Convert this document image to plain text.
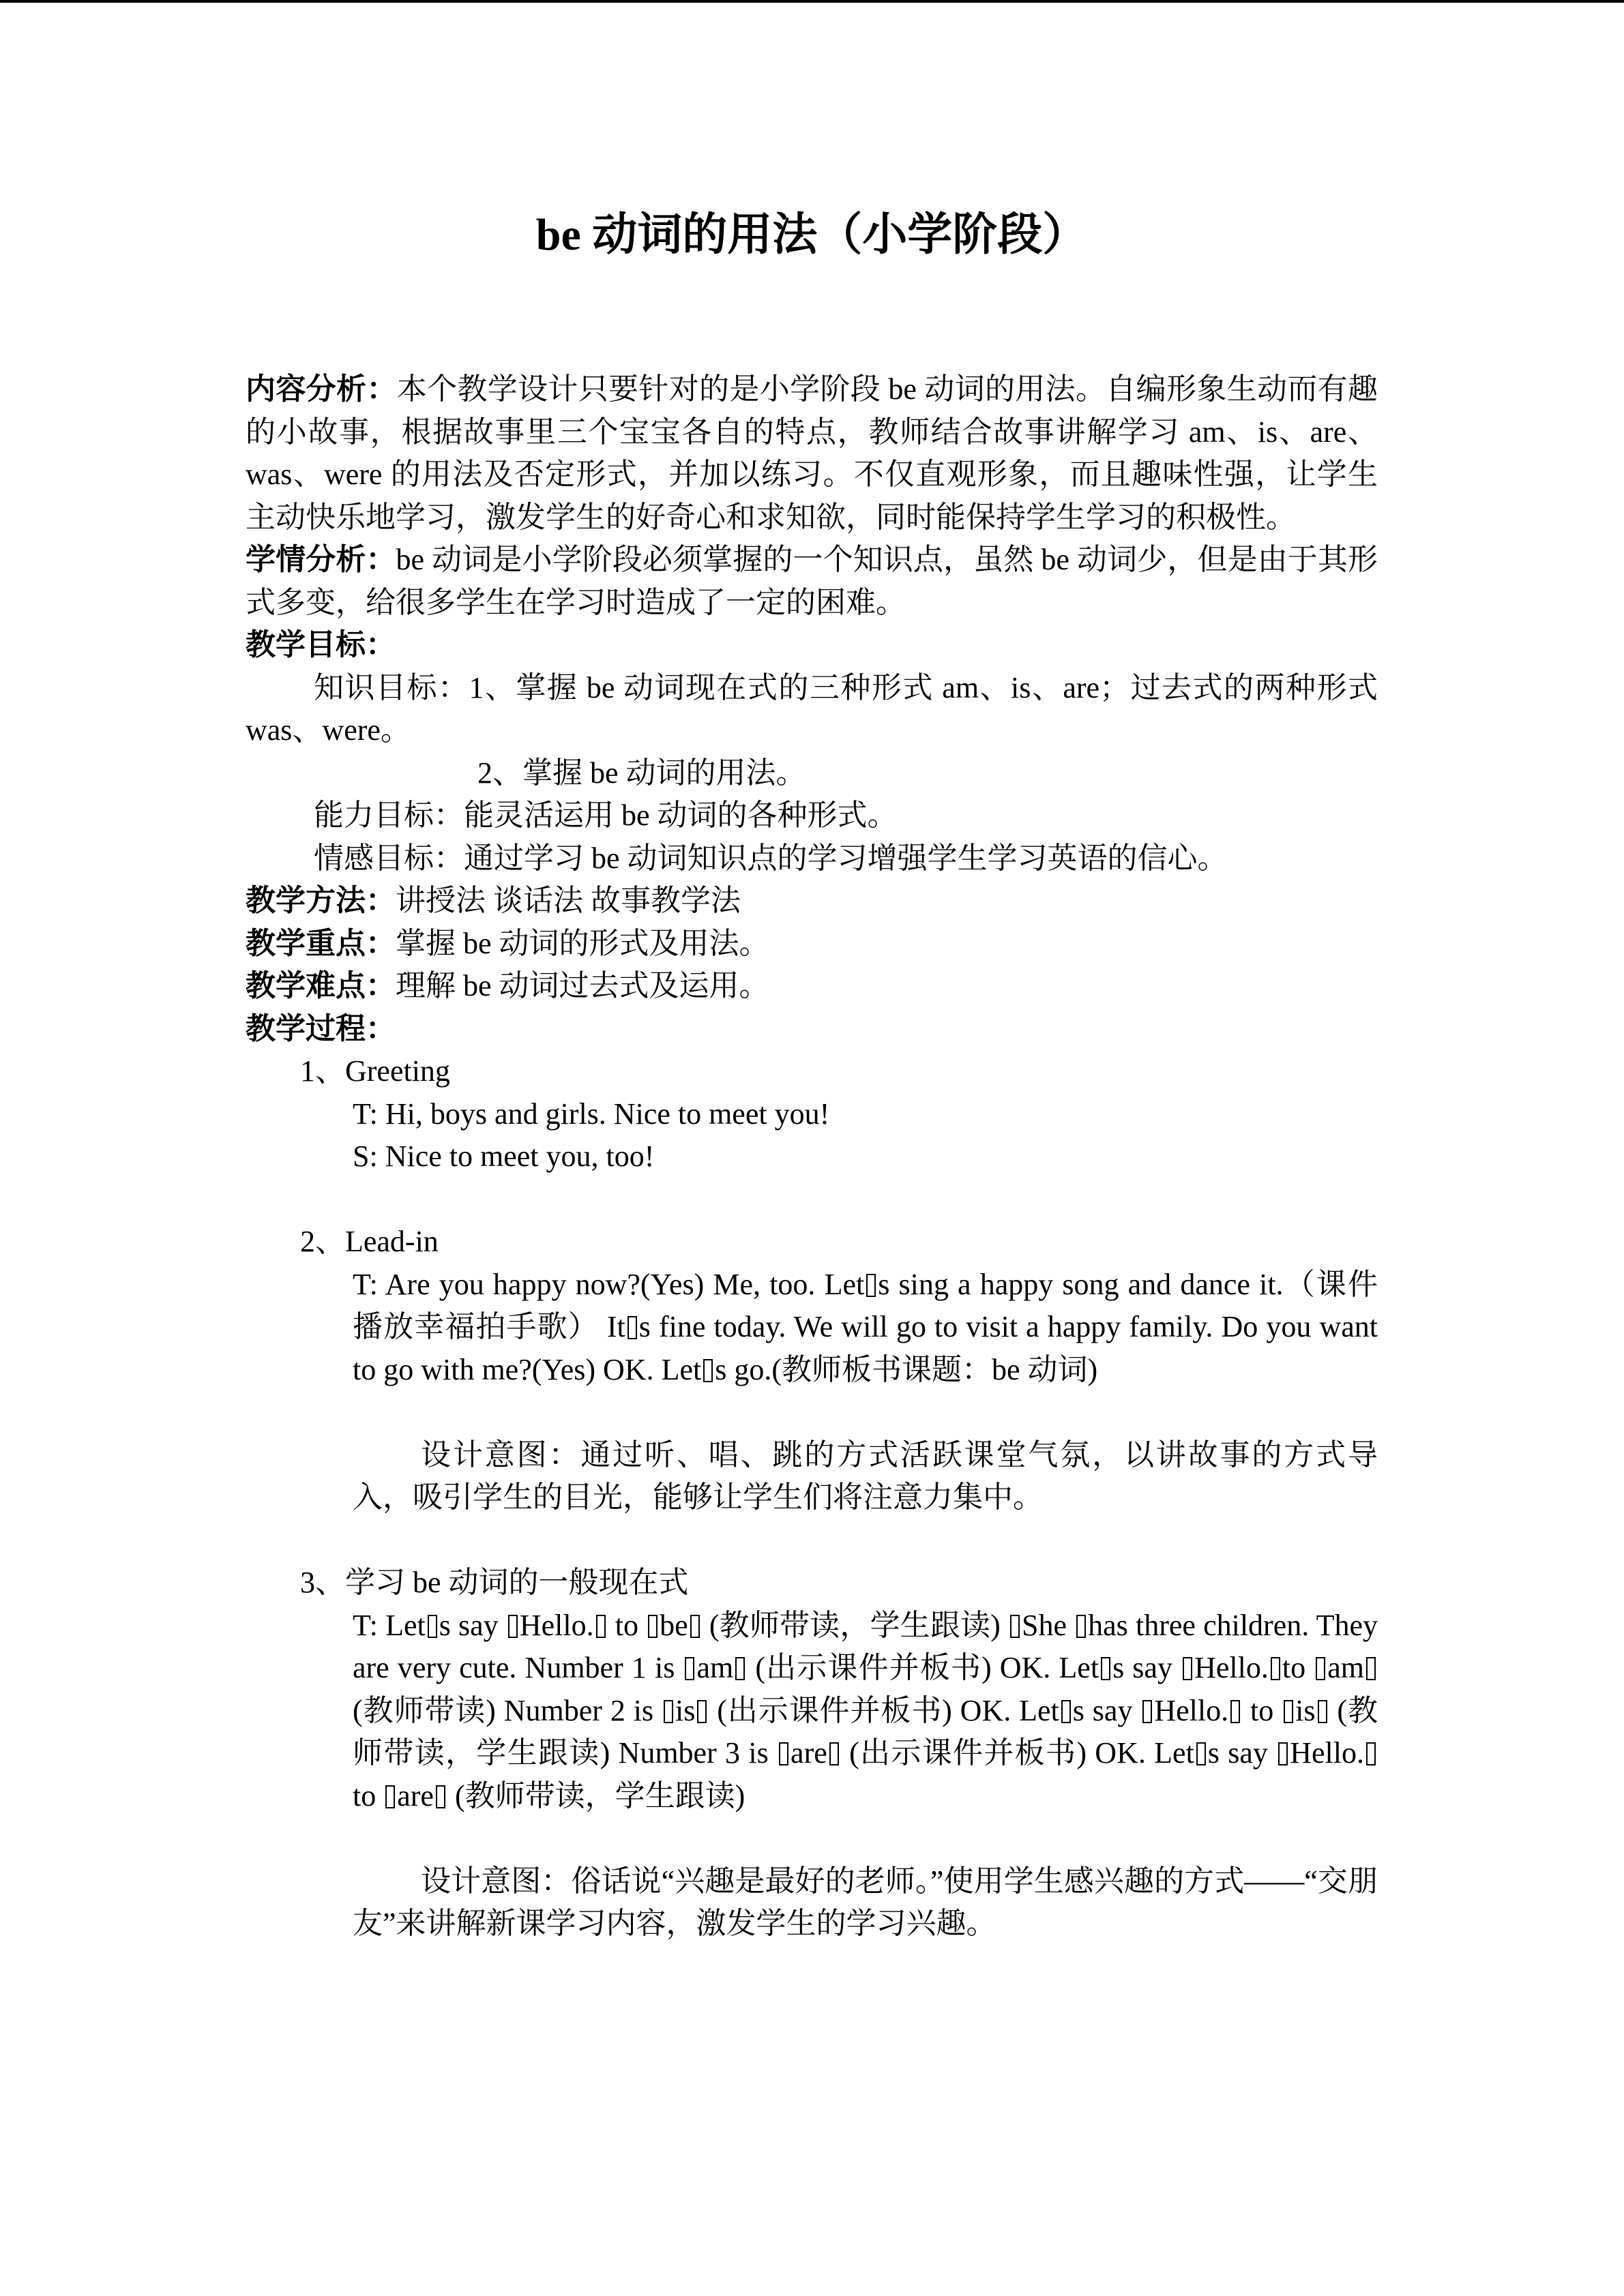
be 动词的用法（小学阶段）

内容分析：本个教学设计只要针对的是小学阶段 be 动词的用法。自编形象生动而有趣的小故事，根据故事里三个宝宝各自的特点，教师结合故事讲解学习 am、is、are、was、were 的用法及否定形式，并加以练习。不仅直观形象，而且趣味性强，让学生主动快乐地学习，激发学生的好奇心和求知欲，同时能保持学生学习的积极性。

学情分析：be 动词是小学阶段必须掌握的一个知识点，虽然 be 动词少，但是由于其形式多变，给很多学生在学习时造成了一定的困难。

教学目标：

知识目标：1、掌握 be 动词现在式的三种形式 am、is、are；过去式的两种形式 was、were。

2、掌握 be 动词的用法。

能力目标：能灵活运用 be 动词的各种形式。

情感目标：通过学习 be 动词知识点的学习增强学生学习英语的信心。

教学方法：讲授法 谈话法 故事教学法

教学重点：掌握 be 动词的形式及用法。

教学难点：理解 be 动词过去式及运用。

教学过程：

1、Greeting

T: Hi, boys and girls. Nice to meet you!

S: Nice to meet you, too!

2、Lead-in

T: Are you happy now?(Yes) Me, too. Let s sing a happy song and dance it.（课件播放幸福拍手歌） It s fine today. We will go to visit a happy family. Do you want to go with me?(Yes) OK. Let s go.(教师板书课题：be 动词)

设计意图：通过听、唱、跳的方式活跃课堂气氛，以讲故事的方式导入，吸引学生的目光，能够让学生们将注意力集中。

3、学习 be 动词的一般现在式

T: Let s say Hello. to be (教师带读，学生跟读) She has three children. They are very cute. Number 1 is am (出示课件并板书) OK. Let s say Hello. to am (教师带读) Number 2 is is (出示课件并板书) OK. Let s say Hello. to is (教师带读，学生跟读) Number 3 is are (出示课件并板书) OK. Let s say Hello.to are (教师带读，学生跟读)

设计意图：俗话说“兴趣是最好的老师。”使用学生感兴趣的方式——“交朋友”来讲解新课学习内容，激发学生的学习兴趣。
